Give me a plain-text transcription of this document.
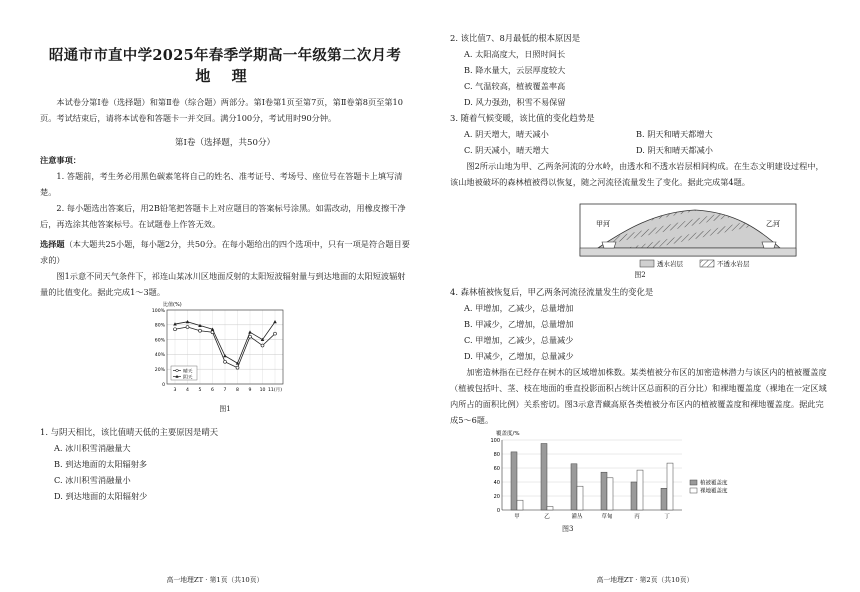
昭通市市直中学2025年春季学期高一年级第二次月考

地 理

本试卷分第Ⅰ卷（选择题）和第Ⅱ卷（综合题）两部分。第Ⅰ卷第1页至第7页，第Ⅱ卷第8页至第10页。考试结束后，请将本试卷和答题卡一并交回。满分100分，考试用时90分钟。

第Ⅰ卷（选择题，共50分）

注意事项：

1. 答题前，考生务必用黑色碳素笔将自己的姓名、准考证号、考场号、座位号在答题卡上填写清楚。

2. 每小题选出答案后，用2B铅笔把答题卡上对应题目的答案标号涂黑。如需改动，用橡皮擦干净后，再选涂其他答案标号。在试题卷上作答无效。

选择题（本大题共25小题，每小题2分，共50分。在每小题给出的四个选项中，只有一项是符合题目要求的）

图1示意不同天气条件下，祁连山某冰川区地面反射的太阳短波辐射量与到达地面的太阳短波辐射量的比值变化。据此完成1～3题。

比值(%)
0
20%
40%
60%
80%
100%
3 4 5 6 7 8 9 10 11(月)
晴天
阴天

图1

1. 与阴天相比，该比值晴天低的主要原因是晴天

A. 冰川积雪消融量大

B. 到达地面的太阳辐射多

C. 冰川积雪消融量小

D. 到达地面的太阳辐射少

高一地理ZT · 第1页（共10页）

2. 该比值7、8月最低的根本原因是

A. 太阳高度大，日照时间长

B. 降水量大，云层厚度较大

C. 气温较高，植被覆盖率高

D. 风力强劲，积雪不易保留

3. 随着气候变暖，该比值的变化趋势是

A. 阴天增大，晴天减小	B. 阴天和晴天都增大
C. 阴天减小，晴天增大	D. 阴天和晴天都减小

图2所示山地为甲、乙两条河流的分水岭，由透水和不透水岩层相间构成。在生态文明建设过程中，该山地被破坏的森林植被得以恢复，随之河流径流量发生了变化。据此完成第4题。

甲河	乙河
透水岩层	不透水岩层

图2

4. 森林植被恢复后，甲乙两条河流径流量发生的变化是

A. 甲增加，乙减少，总量增加

B. 甲减少，乙增加，总量增加

C. 甲增加，乙减少，总量减少

D. 甲减少，乙增加，总量减少

加密造林指在已经存在树木的区域增加株数。某类植被分布区的加密造林潜力与该区内的植被覆盖度（植被包括叶、茎、枝在地面的垂直投影面积占统计区总面积的百分比）和裸地覆盖度（裸地在一定区域内所占的面积比例）关系密切。图3示意青藏高原各类植被分布区内的植被覆盖度和裸地覆盖度。据此完成5～6题。

覆盖度/%
0
20
40
60
80
100
甲	乙	灌丛	草甸	丙	丁
植被覆盖度
裸地覆盖度

图3

高一地理ZT · 第2页（共10页）
